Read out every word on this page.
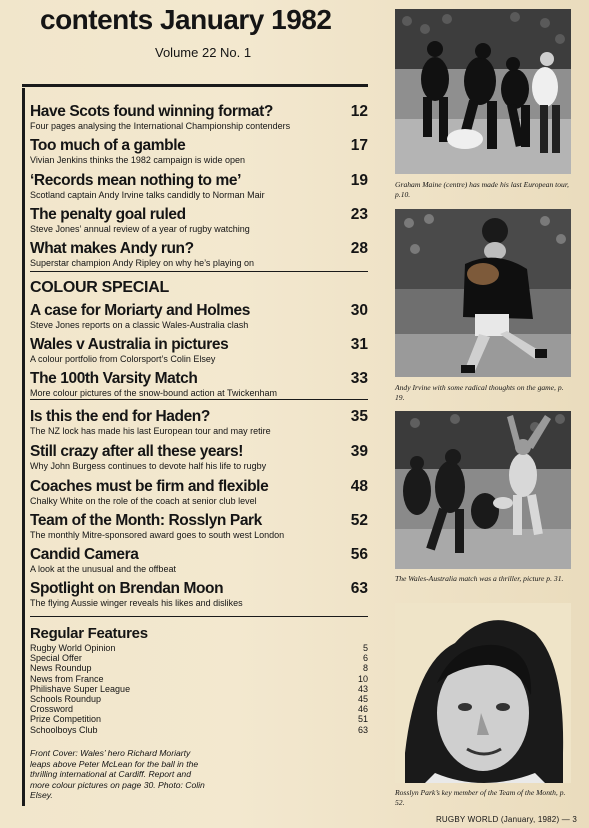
contents January 1982
Volume 22 No. 1
Have Scots found winning format?
Four pages analysing the International Championship contenders
12
Too much of a gamble
Vivian Jenkins thinks the 1982 campaign is wide open
17
‘Records mean nothing to me’
Scotland captain Andy Irvine talks candidly to Norman Mair
19
The penalty goal ruled
Steve Jones’ annual review of a year of rugby watching
23
What makes Andy run?
Superstar champion Andy Ripley on why he’s playing on
28
COLOUR SPECIAL
A case for Moriarty and Holmes
Steve Jones reports on a classic Wales-Australia clash
30
Wales v Australia in pictures
A colour portfolio from Colorsport’s Colin Elsey
31
The 100th Varsity Match
More colour pictures of the snow-bound action at Twickenham
33
Is this the end for Haden?
The NZ lock has made his last European tour and may retire
35
Still crazy after all these years!
Why John Burgess continues to devote half his life to rugby
39
Coaches must be firm and flexible
Chalky White on the role of the coach at senior club level
48
Team of the Month: Rosslyn Park
The monthly Mitre-sponsored award goes to south west London
52
Candid Camera
A look at the unusual and the offbeat
56
Spotlight on Brendan Moon
The flying Aussie winger reveals his likes and dislikes
63
Regular Features
Rugby World Opinion	5
Special Offer	6
News Roundup	8
News from France	10
Philishave Super League	43
Schools Roundup	45
Crossword	46
Prize Competition	51
Schoolboys Club	63
Front Cover: Wales’ hero Richard Moriarty leaps above Peter McLean for the ball in the thrilling international at Cardiff. Report and more colour pictures on page 30. Photo: Colin Elsey.
Graham Maine (centre) has made his last European tour, p.10.
Andy Irvine with some radical thoughts on the game, p. 19.
The Wales-Australia match was a thriller, picture p. 31.
Rosslyn Park’s key member of the Team of the Month, p. 52.
RUGBY WORLD (January, 1982) — 3
